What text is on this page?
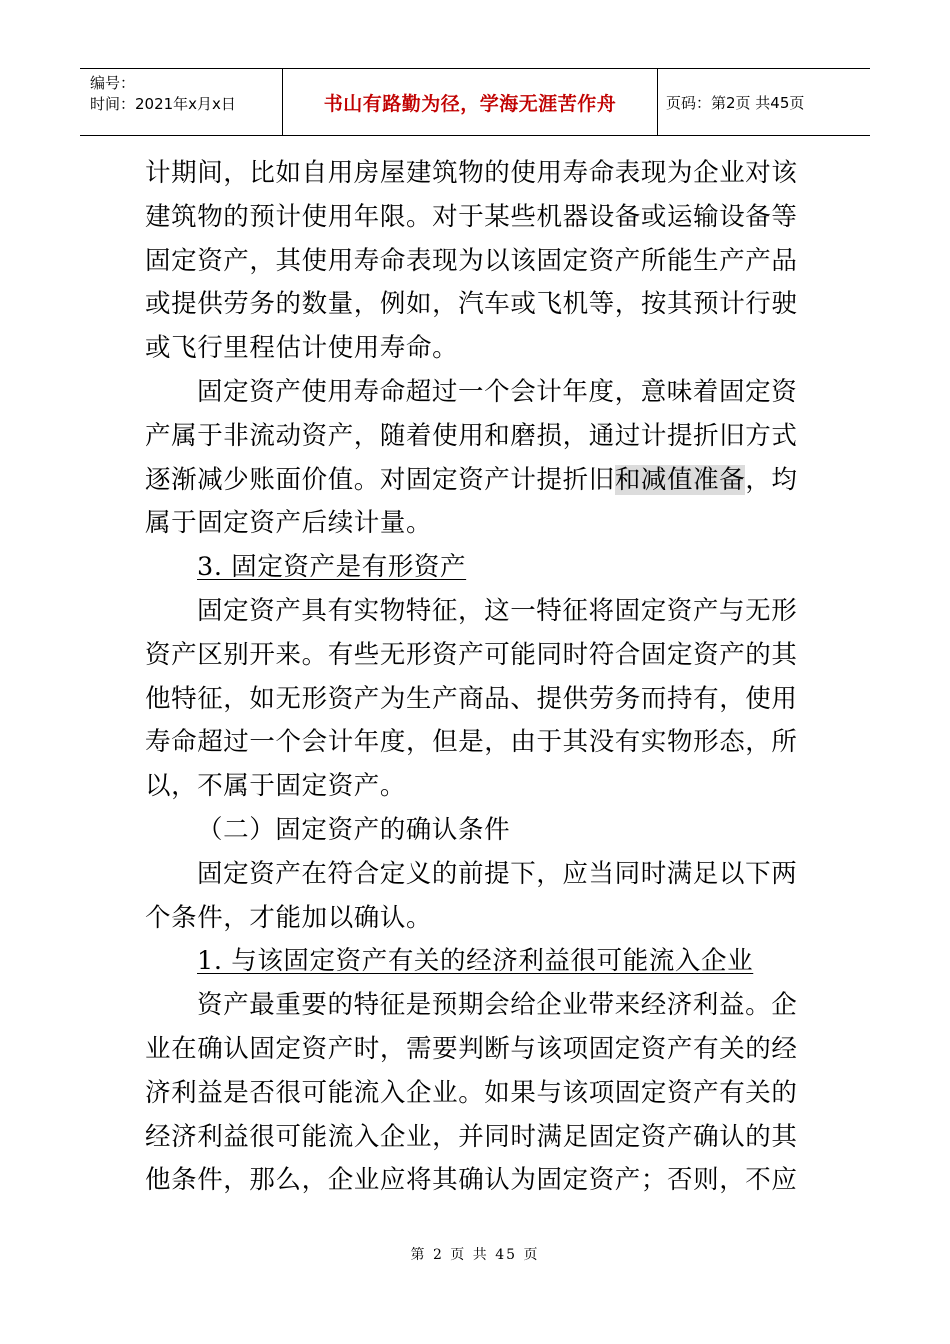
编号：
时间：2021年x月x日	书山有路勤为径，学海无涯苦作舟	页码：第2页 共45页
计期间，比如自用房屋建筑物的使用寿命表现为企业对该
建筑物的预计使用年限。对于某些机器设备或运输设备等
固定资产，其使用寿命表现为以该固定资产所能生产产品
或提供劳务的数量，例如，汽车或飞机等，按其预计行驶
或飞行里程估计使用寿命。
固定资产使用寿命超过一个会计年度，意味着固定资
产属于非流动资产，随着使用和磨损，通过计提折旧方式
逐渐减少账面价值。对固定资产计提折旧和减值准备，均
属于固定资产后续计量。
3. 固定资产是有形资产
固定资产具有实物特征，这一特征将固定资产与无形
资产区别开来。有些无形资产可能同时符合固定资产的其
他特征，如无形资产为生产商品、提供劳务而持有，使用
寿命超过一个会计年度，但是，由于其没有实物形态，所
以，不属于固定资产。
（二）固定资产的确认条件
固定资产在符合定义的前提下，应当同时满足以下两
个条件，才能加以确认。
1. 与该固定资产有关的经济利益很可能流入企业
资产最重要的特征是预期会给企业带来经济利益。企
业在确认固定资产时，需要判断与该项固定资产有关的经
济利益是否很可能流入企业。如果与该项固定资产有关的
经济利益很可能流入企业，并同时满足固定资产确认的其
他条件，那么，企业应将其确认为固定资产；否则，不应
第 2 页 共 45 页
